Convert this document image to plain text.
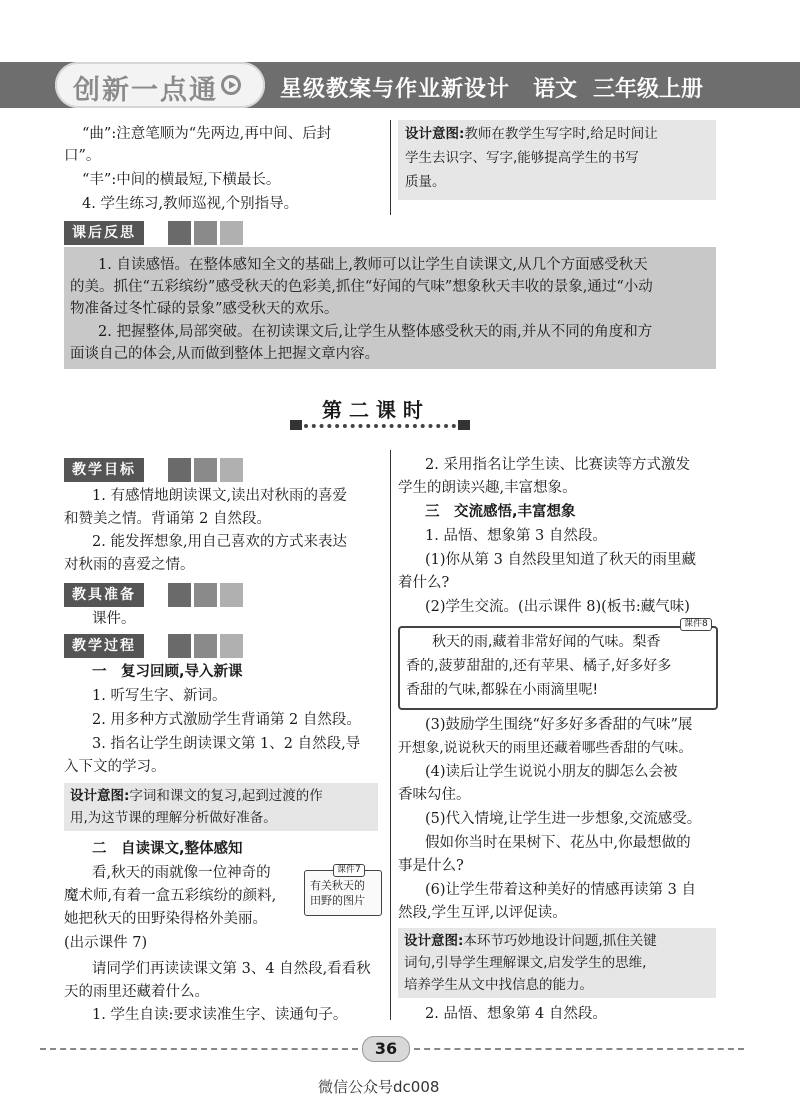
创新一点通	星级教案与作业新设计 语文 三年级上册
“曲”:注意笔顺为“先两边,再中间、后封
口”。
“丰”:中间的横最短,下横最长。
4. 学生练习,教师巡视,个别指导。
设计意图:教师在教学生写字时,给足时间让
学生去识字、写字,能够提高学生的书写
质量。
课后反思
1. 自读感悟。在整体感知全文的基础上,教师可以让学生自读课文,从几个方面感受秋天
的美。抓住“五彩缤纷”感受秋天的色彩美,抓住“好闻的气味”想象秋天丰收的景象,通过“小动
物准备过冬忙碌的景象”感受秋天的欢乐。
2. 把握整体,局部突破。在初读课文后,让学生从整体感受秋天的雨,并从不同的角度和方
面谈自己的体会,从而做到整体上把握文章内容。
第 二 课 时
教学目标
1. 有感情地朗读课文,读出对秋雨的喜爱
和赞美之情。背诵第 2 自然段。
2. 能发挥想象,用自己喜欢的方式来表达
对秋雨的喜爱之情。
教具准备
课件。
教学过程
一　复习回顾,导入新课
1. 听写生字、新词。
2. 用多种方式激励学生背诵第 2 自然段。
3. 指名让学生朗读课文第 1、2 自然段,导
入下文的学习。
设计意图:字词和课文的复习,起到过渡的作
用,为这节课的理解分析做好准备。
二　自读课文,整体感知
看,秋天的雨就像一位神奇的
魔术师,有着一盒五彩缤纷的颜料,
她把秋天的田野染得格外美丽。
(出示课件 7)
课件7
有关秋天的
田野的图片
请同学们再读读课文第 3、4 自然段,看看秋
天的雨里还藏着什么。
1. 学生自读:要求读准生字、读通句子。
2. 采用指名让学生读、比赛读等方式激发
学生的朗读兴趣,丰富想象。
三　交流感悟,丰富想象
1. 品悟、想象第 3 自然段。
(1)你从第 3 自然段里知道了秋天的雨里藏
着什么?
(2)学生交流。(出示课件 8)(板书:藏气味)
课件8
秋天的雨,藏着非常好闻的气味。梨香
香的,菠萝甜甜的,还有苹果、橘子,好多好多
香甜的气味,都躲在小雨滴里呢!
(3)鼓励学生围绕“好多好多香甜的气味”展
开想象,说说秋天的雨里还藏着哪些香甜的气味。
(4)读后让学生说说小朋友的脚怎么会被
香味勾住。
(5)代入情境,让学生进一步想象,交流感受。
假如你当时在果树下、花丛中,你最想做的
事是什么?
(6)让学生带着这种美好的情感再读第 3 自
然段,学生互评,以评促读。
设计意图:本环节巧妙地设计问题,抓住关键
词句,引导学生理解课文,启发学生的思维,
培养学生从文中找信息的能力。
2. 品悟、想象第 4 自然段。
36
微信公众号dc008
